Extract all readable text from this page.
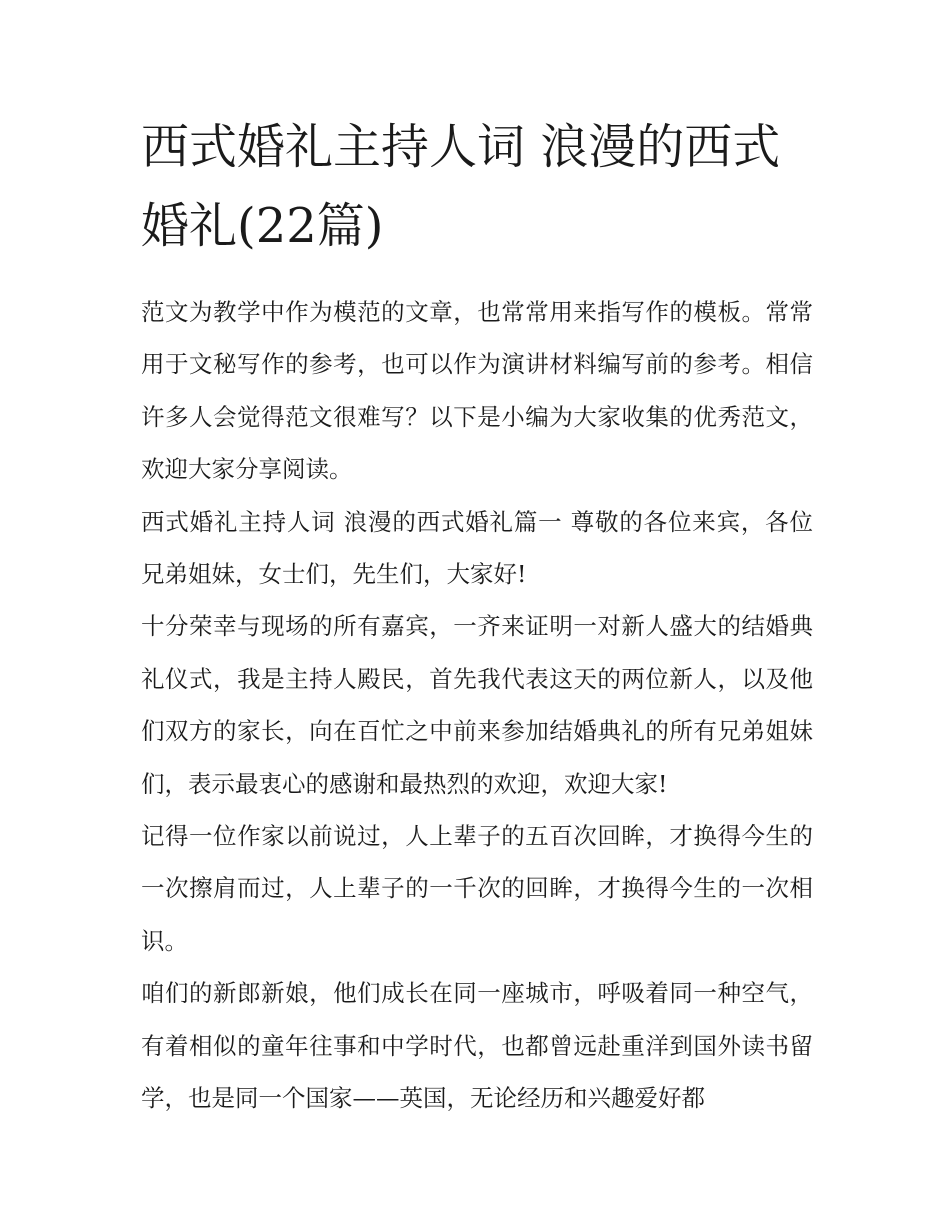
西式婚礼主持人词 浪漫的西式婚礼(22篇)

范文为教学中作为模范的文章，也常常用来指写作的模板。常常用于文秘写作的参考，也可以作为演讲材料编写前的参考。相信许多人会觉得范文很难写？以下是小编为大家收集的优秀范文，欢迎大家分享阅读。

西式婚礼主持人词 浪漫的西式婚礼篇一 尊敬的各位来宾，各位兄弟姐妹，女士们，先生们，大家好!

十分荣幸与现场的所有嘉宾，一齐来证明一对新人盛大的结婚典礼仪式，我是主持人殿民，首先我代表这天的两位新人，以及他们双方的家长，向在百忙之中前来参加结婚典礼的所有兄弟姐妹们，表示最衷心的感谢和最热烈的欢迎，欢迎大家!

记得一位作家以前说过，人上辈子的五百次回眸，才换得今生的一次擦肩而过，人上辈子的一千次的回眸，才换得今生的一次相识。

咱们的新郎新娘，他们成长在同一座城市，呼吸着同一种空气，有着相似的童年往事和中学时代，也都曾远赴重洋到国外读书留学，也是同一个国家——英国，无论经历和兴趣爱好都
